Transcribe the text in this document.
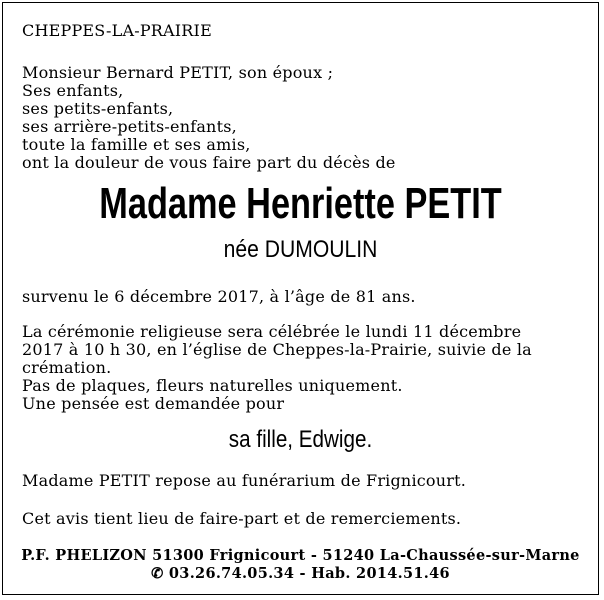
CHEPPES-LA-PRAIRIE
Monsieur Bernard PETIT, son époux ;
Ses enfants,
ses petits-enfants,
ses arrière-petits-enfants,
toute la famille et ses amis,
ont la douleur de vous faire part du décès de
Madame Henriette PETIT
née DUMOULIN
survenu le 6 décembre 2017, à l’âge de 81 ans.
La cérémonie religieuse sera célébrée le lundi 11 décembre
2017 à 10 h 30, en l’église de Cheppes-la-Prairie, suivie de la
crémation.
Pas de plaques, fleurs naturelles uniquement.
Une pensée est demandée pour
sa fille, Edwige.
Madame PETIT repose au funérarium de Frignicourt.
Cet avis tient lieu de faire-part et de remerciements.
P.F. PHELIZON 51300 Frignicourt - 51240 La-Chaussée-sur-Marne
✆ 03.26.74.05.34 - Hab. 2014.51.46
